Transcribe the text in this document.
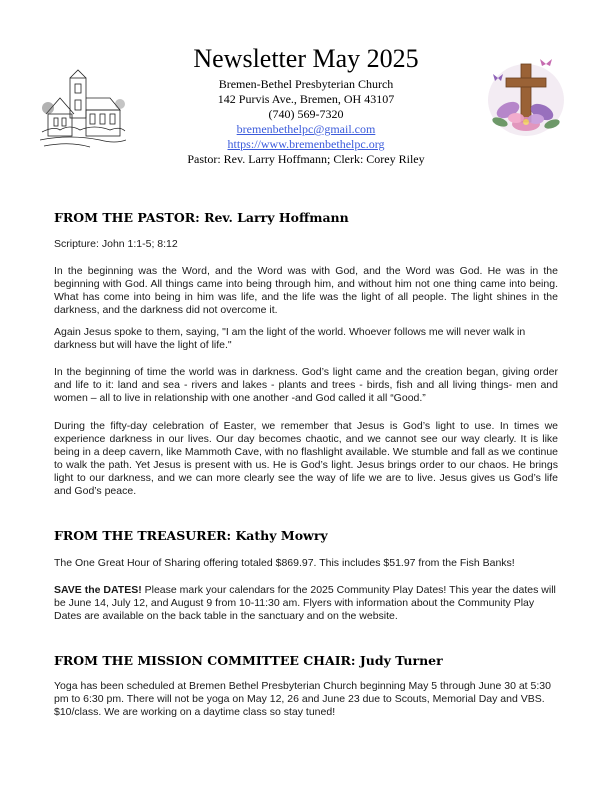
Newsletter May 2025
Bremen-Bethel Presbyterian Church
142 Purvis Ave., Bremen, OH 43107
(740) 569-7320
bremenbethelpc@gmail.com
https://www.bremenbethelpc.org
Pastor: Rev. Larry Hoffmann; Clerk: Corey Riley
FROM THE PASTOR: Rev. Larry Hoffmann
Scripture: John 1:1-5; 8:12
In the beginning was the Word, and the Word was with God, and the Word was God. He was in the beginning with God. All things came into being through him, and without him not one thing came into being. What has come into being in him was life, and the life was the light of all people. The light shines in the darkness, and the darkness did not overcome it.
Again Jesus spoke to them, saying, "I am the light of the world. Whoever follows me will never walk in darkness but will have the light of life."
In the beginning of time the world was in darkness. God’s light came and the creation began, giving order and life to it: land and sea - rivers and lakes - plants and trees - birds, fish and all living things- men and women – all to live in relationship with one another -and God called it all “Good.”
During the fifty-day celebration of Easter, we remember that Jesus is God’s light to use. In times we experience darkness in our lives. Our day becomes chaotic, and we cannot see our way clearly. It is like being in a deep cavern, like Mammoth Cave, with no flashlight available. We stumble and fall as we continue to walk the path. Yet Jesus is present with us. He is God’s light. Jesus brings order to our chaos. He brings light to our darkness, and we can more clearly see the way of life we are to live. Jesus gives us God’s life and God’s peace.
FROM THE TREASURER: Kathy Mowry
The One Great Hour of Sharing offering totaled $869.97. This includes $51.97 from the Fish Banks!
SAVE the DATES! Please mark your calendars for the 2025 Community Play Dates! This year the dates will be June 14, July 12, and August 9 from 10-11:30 am. Flyers with information about the Community Play Dates are available on the back table in the sanctuary and on the website.
FROM THE MISSION COMMITTEE CHAIR: Judy Turner
Yoga has been scheduled at Bremen Bethel Presbyterian Church beginning May 5 through June 30 at 5:30 pm to 6:30 pm. There will not be yoga on May 12, 26 and June 23 due to Scouts, Memorial Day and VBS. $10/class. We are working on a daytime class so stay tuned!
